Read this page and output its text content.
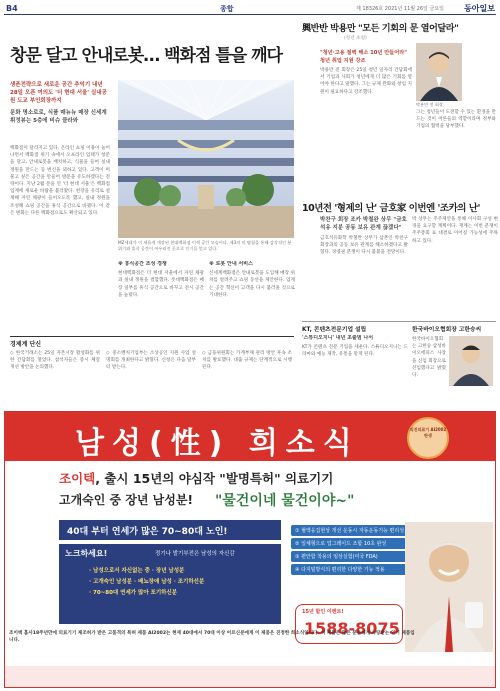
B4	종합	제 18326호 2021년 11월 26일 금요일	동아일보
창문 달고 안내로봇… 백화점 틀을 깨다
생존전략으로 새로운 공간 추억기 내년 28일 오픈 여의도 '더 현대 서울' 실내공원 도교 부인회장까지
문화 명소로로, 식품 매뉴뉴 매장 신세계 휘정뷰는 5층에 비슈 클라와
백화점이 달라지고 있다. 온라인 쇼핑 이용이 늘어나면서 백화점 위기 속에서 오프라인 업태가 창문을 달고, 안내로봇을 배치하고, 식물을 들여 실내정원을 만드는 등 변신을 꾀하고 있다. 고객이 머물고 싶은 공간을 만들어 방문을 유도하겠다는 전략이다. 지난 2월 문을 연 '더 현대 서울'은 백화점 업계에 새로운 바람을 불러왔다. 천장을 유리로 설계해 자연 채광이 들어오도록 했고, 실내 정원을 조성해 쇼핑 공간을 휴식 공간으로 바꿨다. 이 같은 변화는 다른 백화점으로도 확산되고 있다.
MZ세대가 이 새롭게 개장된 현대백화점 이색 공간 모습이다. 제3의 미 탐험을 통해 감각적인 분위기와 휴식 공간이 어우러진 곳으로 인기를 얻고 있다.
※ 휴식공간 조성 경쟁
현대백화점은 더 현대 서울에서 자연 채광과 실내 정원을 결합했다. 롯데백화점은 매장 일부를 휴식 공간으로 바꾸고 전시 공간을 늘렸다.
※ 로봇 안내 서비스
신세계백화점은 안내로봇을 도입해 매장 위치를 알려주고 쇼핑 동선을 제안한다. 업계는 공간 혁신이 고객을 다시 불러올 것으로 기대한다.
경제계 단신
◇ 한국거래소는 25일 자본시장 활성화를 위한 간담회를 열었다. 참석자들은 증시 체질 개선 방안을 논의했다.
◇ 중소벤처기업부는 소상공인 지원 사업 설명회를 개최한다고 밝혔다. 신청은 다음 달부터 받는다.
◇ 금융위원회는 가계부채 관리 방안 후속 조치를 발표했다. 대출 규제는 단계적으로 시행된다.
興반반 박용만 "모든 기회의 문 열어달라"
(청년 초청)
"청년·고용 절벽 해소 10년 만들어라" 청년 취업 지원 강조
박용만 전 회장은 25일 청년 일자리 간담회에서 기업과 사회가 청년에게 더 많은 기회를 열어야 한다고 말했다. 그는 규제 완화와 창업 지원이 필요하다고 강조했다.
박용만 전 회장
그는 청년들이 도전할 수 있는 환경을 만드는 것이 어른들의 역할이라며 정부와 기업의 협력을 당부했다.
10년전 '형제의 난' 금호家 이번엔 '조카의 난'
박찬구 회장 조카 박철완 상무 "금호석유 지분 공동 보유 관계 끊겠다"
금호석유화학 박철완 상무가 삼촌인 박찬구 회장과의 공동 보유 관계를 해소하겠다고 밝혔다. 경영권 분쟁이 다시 불붙을 전망이다.
박 상무는 주주제안을 통해 이사회 구성 변경을 요구할 계획이다. 재계는 이번 분쟁이 주주총회 표 대결로 이어질 가능성에 주목하고 있다.
KT, 콘텐츠전문기업 설립
'스튜디오지니' 내년 초출범 나서
KT가 콘텐츠 전문 기업을 세운다. 스튜디오지니는 드라마와 예능 제작, 유통을 맡게 된다.
한국바이오협회장 고한승씨
한국바이오협회는 고한승 삼성바이오에피스 사장을 신임 회장으로 선임했다고 밝혔다.
남성(性) 희소식	의진의료기 AI2002 탄생
조이텍, 출시 15년의 야심작 "발명특허" 의료기기
고개숙인 중 장년 남성분! "물건이네 물건이야~"
40대 부터 연세가 많은 70~80대 노인!
노크하세요!	정기나 발기부전은 남성의 자신감
· 남성으로서 자신없는 중 · 장년 남성분
· 고개숙인 남성분 · 배뇨장애 남성 · 조기하선분
· 70~80대 연세가 많아 포기하신분
① 혈액응집현상 개선 운동시 자동운동기능 편리성
② 일체형으로 업그레이드 조합 10초 완성
③ 편안함 착용의 임상실험(미국 FDA)
④ 다지털방식의 편리한 다양한 기능 적용
15년 할인 이벤트!
1588-8075
조이텍 홈사18주년만에 의료기기 제조허가 받은 고품격의 특허 제품 AI2002는 현재 40대에서 70대 이상 어르신분에게 이 제품은 진정한 희소식입니다. 이 제품은 많은 분들에게 사랑받는 인기 제품입니다.
